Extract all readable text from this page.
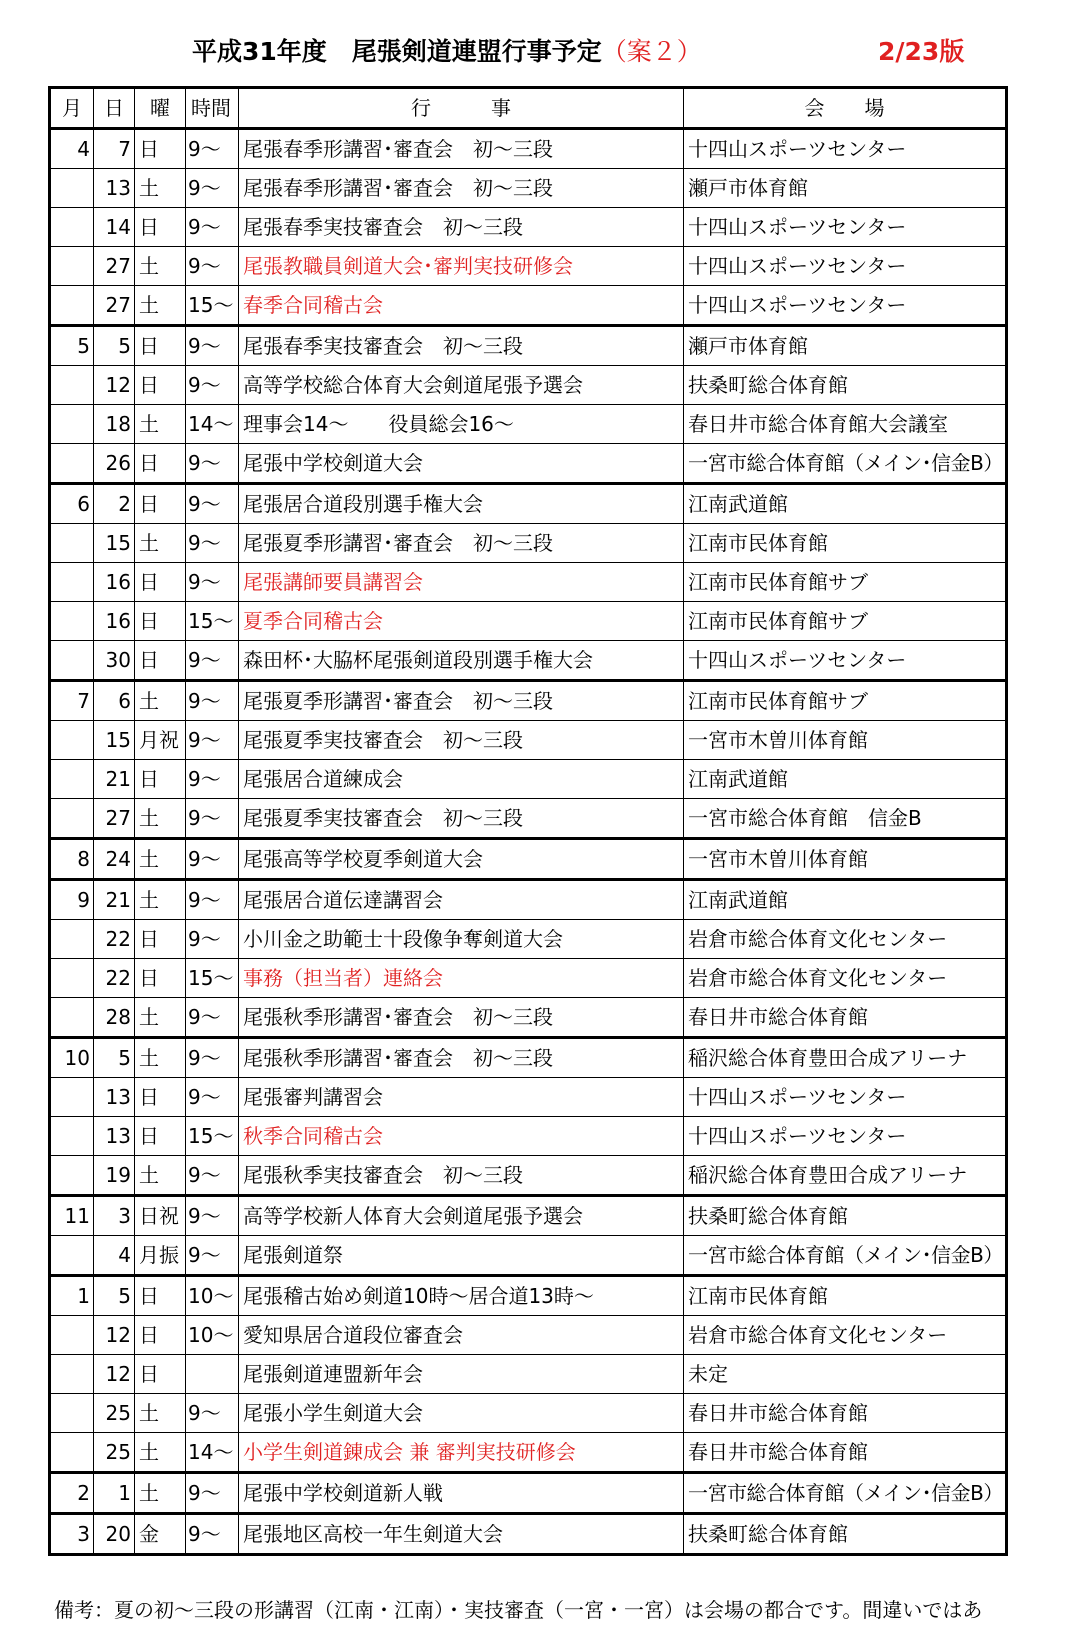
平成31年度　尾張剣道連盟行事予定（案２）	2/23版
月	日	曜	時間	行　　　事	会　　場
4	7	日	9～	尾張春季形講習･審査会　初～三段	十四山スポーツセンター
	13	土	9～	尾張春季形講習･審査会　初～三段	瀬戸市体育館
	14	日	9～	尾張春季実技審査会　初～三段	十四山スポーツセンター
	27	土	9～	尾張教職員剣道大会･審判実技研修会	十四山スポーツセンター
	27	土	15～	春季合同稽古会	十四山スポーツセンター
5	5	日	9～	尾張春季実技審査会　初～三段	瀬戸市体育館
	12	日	9～	高等学校総合体育大会剣道尾張予選会	扶桑町総合体育館
	18	土	14～	理事会14～　　役員総会16～	春日井市総合体育館大会議室
	26	日	9～	尾張中学校剣道大会	一宮市総合体育館（メイン･信金B）
6	2	日	9～	尾張居合道段別選手権大会	江南武道館
	15	土	9～	尾張夏季形講習･審査会　初～三段	江南市民体育館
	16	日	9～	尾張講師要員講習会	江南市民体育館サブ
	16	日	15～	夏季合同稽古会	江南市民体育館サブ
	30	日	9～	森田杯･大脇杯尾張剣道段別選手権大会	十四山スポーツセンター
7	6	土	9～	尾張夏季形講習･審査会　初～三段	江南市民体育館サブ
	15	月祝	9～	尾張夏季実技審査会　初～三段	一宮市木曽川体育館
	21	日	9～	尾張居合道練成会	江南武道館
	27	土	9～	尾張夏季実技審査会　初～三段	一宮市総合体育館　信金B
8	24	土	9～	尾張高等学校夏季剣道大会	一宮市木曽川体育館
9	21	土	9～	尾張居合道伝達講習会	江南武道館
	22	日	9～	小川金之助範士十段像争奪剣道大会	岩倉市総合体育文化センター
	22	日	15～	事務（担当者）連絡会	岩倉市総合体育文化センター
	28	土	9～	尾張秋季形講習･審査会　初～三段	春日井市総合体育館
10	5	土	9～	尾張秋季形講習･審査会　初～三段	稲沢総合体育豊田合成アリーナ
	13	日	9～	尾張審判講習会	十四山スポーツセンター
	13	日	15～	秋季合同稽古会	十四山スポーツセンター
	19	土	9～	尾張秋季実技審査会　初～三段	稲沢総合体育豊田合成アリーナ
11	3	日祝	9～	高等学校新人体育大会剣道尾張予選会	扶桑町総合体育館
	4	月振	9～	尾張剣道祭	一宮市総合体育館（メイン･信金B）
1	5	日	10～	尾張稽古始め剣道10時～居合道13時～	江南市民体育館
	12	日	10～	愛知県居合道段位審査会	岩倉市総合体育文化センター
	12	日		尾張剣道連盟新年会	未定
	25	土	9～	尾張小学生剣道大会	春日井市総合体育館
	25	土	14～	小学生剣道錬成会 兼 審判実技研修会	春日井市総合体育館
2	1	土	9～	尾張中学校剣道新人戦	一宮市総合体育館（メイン･信金B）
3	20	金	9～	尾張地区高校一年生剣道大会	扶桑町総合体育館
備考：夏の初～三段の形講習（江南・江南）・実技審査（一宮・一宮）は会場の都合です。間違いではあ
